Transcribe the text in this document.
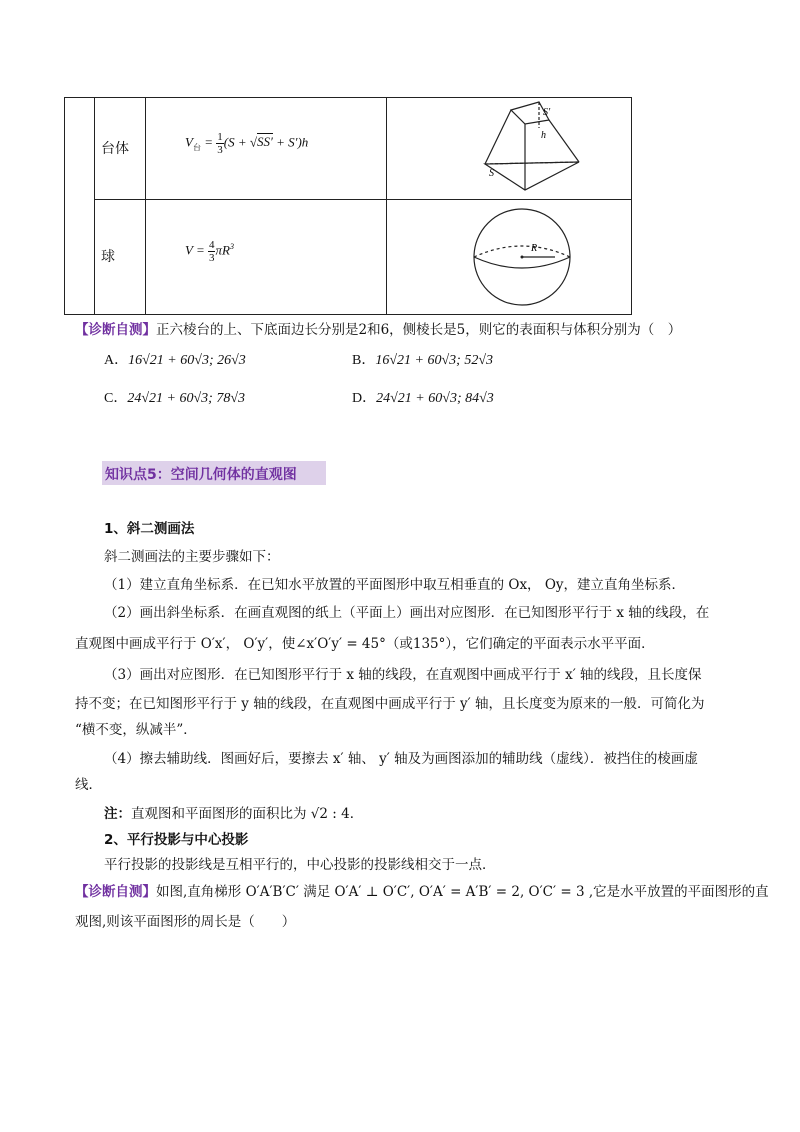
台体	$V_台 = \frac{1}{3} (S + √SS' + S')h$
S′
h
S
球	$V = \frac{4}{3} \pi R^3$	R
【诊断自测】正六棱台的上、下底面边长分别是2和6，侧棱长是5，则它的表面积与体积分别为（　）
A．16√21 + 60√3; 26√3	B．16√21 + 60√3; 52√3
C．24√21 + 60√3; 78√3	D．24√21 + 60√3; 84√3
知识点5：空间几何体的直观图
1、斜二测画法
斜二测画法的主要步骤如下：
（1）建立直角坐标系．在已知水平放置的平面图形中取互相垂直的 Ox， Oy，建立直角坐标系．
（2）画出斜坐标系．在画直观图的纸上（平面上）画出对应图形．在已知图形平行于 x 轴的线段，在
直观图中画成平行于 O′x′， O′y′，使∠x′O′y′ = 45°（或135°），它们确定的平面表示水平平面．
（3）画出对应图形．在已知图形平行于 x 轴的线段，在直观图中画成平行于 x′ 轴的线段，且长度保
持不变；在已知图形平行于 y 轴的线段，在直观图中画成平行于 y′ 轴，且长度变为原来的一般．可简化为
“横不变，纵减半”．
（4）擦去辅助线．图画好后，要擦去 x′ 轴、 y′ 轴及为画图添加的辅助线（虚线）．被挡住的棱画虚
线．
注：直观图和平面图形的面积比为 √2 : 4．
2、平行投影与中心投影
平行投影的投影线是互相平行的，中心投影的投影线相交于一点．
【诊断自测】如图,直角梯形 O′A′B′C′ 满足 O′A′ ⊥ O′C′, O′A′ = A′B′ = 2, O′C′ = 3 ,它是水平放置的平面图形的直
观图,则该平面图形的周长是（　　）
